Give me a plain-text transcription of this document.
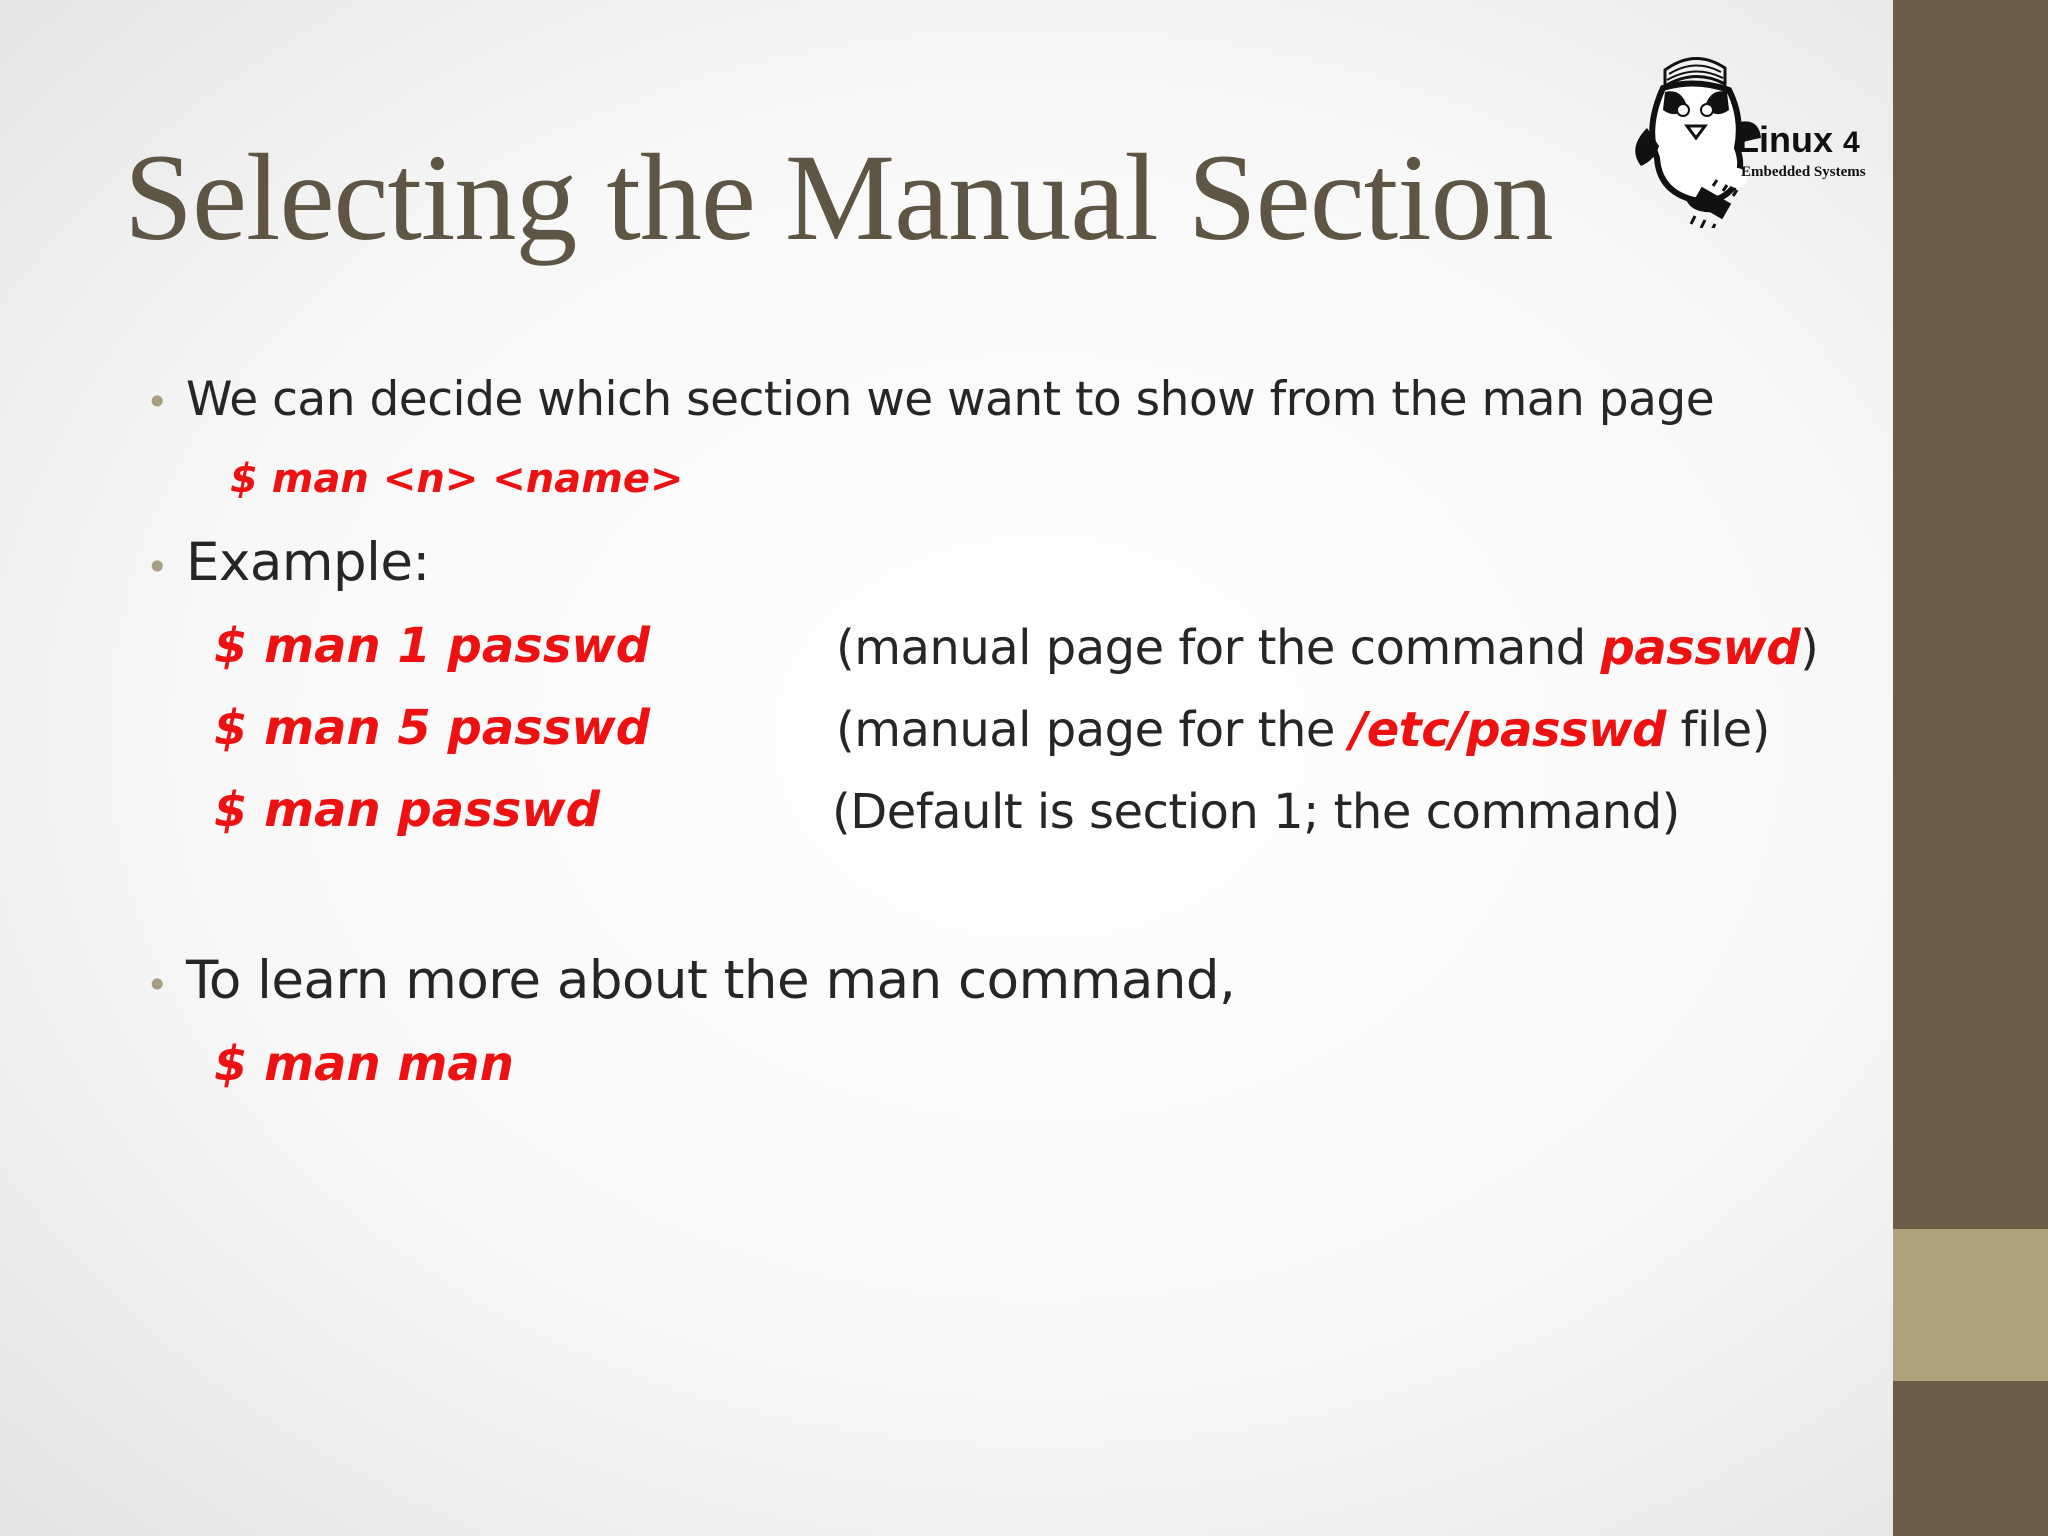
Selecting the Manual Section	Linux 4
Embedded Systems
• We can decide which section we want to show from the man page
$ man <n> <name>
• Example:
$ man 1 passwd	(manual page for the command passwd)
$ man 5 passwd	(manual page for the /etc/passwd file)
$ man passwd	(Default is section 1; the command)
• To learn more about the man command,
$ man man
